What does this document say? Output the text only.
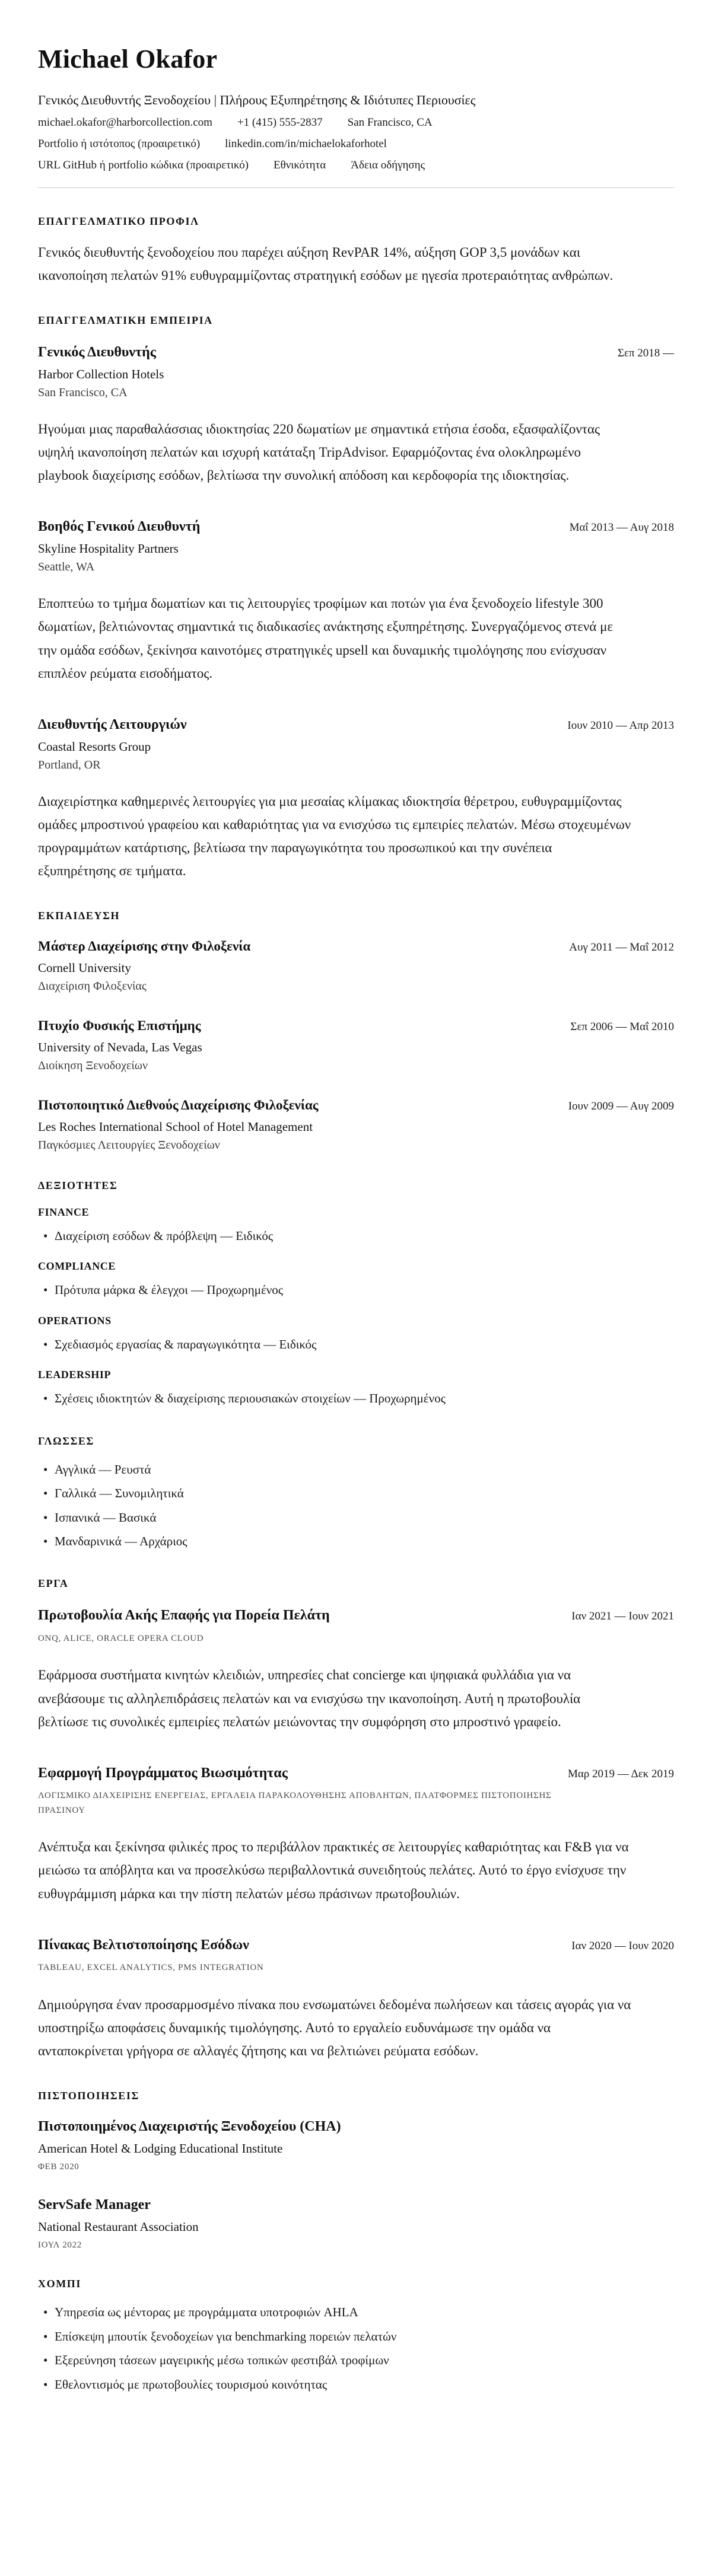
Michael Okafor
Γενικός Διευθυντής Ξενοδοχείου | Πλήρους Εξυπηρέτησης & Ιδιότυπες Περιουσίες
michael.okafor@harborcollection.com +1 (415) 555-2837 San Francisco, CA
Portfolio ή ιστότοπος (προαιρετικό) linkedin.com/in/michaelokaforhotel
URL GitHub ή portfolio κώδικα (προαιρετικό) Εθνικότητα Άδεια οδήγησης
ΕΠΑΓΓΕΛΜΑΤΙΚΟ ΠΡΟΦΙΛ

Γενικός διευθυντής ξενοδοχείου που παρέχει αύξηση RevPAR 14%, αύξηση GOP 3,5 μονάδων και ικανοποίηση πελατών 91% ευθυγραμμίζοντας στρατηγική εσόδων με ηγεσία προτεραιότητας ανθρώπων.

ΕΠΑΓΓΕΛΜΑΤΙΚΗ ΕΜΠΕΙΡΙΑ
Γενικός Διευθυντής	Σεπ 2018 —
Harbor Collection Hotels
San Francisco, CA

Ηγούμαι μιας παραθαλάσσιας ιδιοκτησίας 220 δωματίων με σημαντικά ετήσια έσοδα, εξασφαλίζοντας υψηλή ικανοποίηση πελατών και ισχυρή κατάταξη TripAdvisor. Εφαρμόζοντας ένα ολοκληρωμένο playbook διαχείρισης εσόδων, βελτίωσα την συνολική απόδοση και κερδοφορία της ιδιοκτησίας.

Βοηθός Γενικού Διευθυντή	Μαΐ 2013 — Αυγ 2018
Skyline Hospitality Partners
Seattle, WA

Εποπτεύω το τμήμα δωματίων και τις λειτουργίες τροφίμων και ποτών για ένα ξενοδοχείο lifestyle 300 δωματίων, βελτιώνοντας σημαντικά τις διαδικασίες ανάκτησης εξυπηρέτησης. Συνεργαζόμενος στενά με την ομάδα εσόδων, ξεκίνησα καινοτόμες στρατηγικές upsell και δυναμικής τιμολόγησης που ενίσχυσαν επιπλέον ρεύματα εισοδήματος.

Διευθυντής Λειτουργιών	Ιουν 2010 — Απρ 2013
Coastal Resorts Group
Portland, OR

Διαχειρίστηκα καθημερινές λειτουργίες για μια μεσαίας κλίμακας ιδιοκτησία θέρετρου, ευθυγραμμίζοντας ομάδες μπροστινού γραφείου και καθαριότητας για να ενισχύσω τις εμπειρίες πελατών. Μέσω στοχευμένων προγραμμάτων κατάρτισης, βελτίωσα την παραγωγικότητα του προσωπικού και την συνέπεια εξυπηρέτησης σε τμήματα.

ΕΚΠΑΙΔΕΥΣΗ
Μάστερ Διαχείρισης στην Φιλοξενία	Αυγ 2011 — Μαΐ 2012
Cornell University
Διαχείριση Φιλοξενίας
Πτυχίο Φυσικής Επιστήμης	Σεπ 2006 — Μαΐ 2010
University of Nevada, Las Vegas
Διοίκηση Ξενοδοχείων
Πιστοποιητικό Διεθνούς Διαχείρισης Φιλοξενίας	Ιουν 2009 — Αυγ 2009
Les Roches International School of Hotel Management
Παγκόσμιες Λειτουργίες Ξενοδοχείων
ΔΕΞΙΟΤΗΤΕΣ
FINANCE
• Διαχείριση εσόδων & πρόβλεψη — Ειδικός
COMPLIANCE
• Πρότυπα μάρκα & έλεγχοι — Προχωρημένος
OPERATIONS
• Σχεδιασμός εργασίας & παραγωγικότητα — Ειδικός
LEADERSHIP
• Σχέσεις ιδιοκτητών & διαχείρισης περιουσιακών στοιχείων — Προχωρημένος
ΓΛΩΣΣΕΣ
• Αγγλικά — Ρευστά
• Γαλλικά — Συνομιλητικά
• Ισπανικά — Βασικά
• Μανδαρινικά — Αρχάριος
ΕΡΓΑ
Πρωτοβουλία Ακής Επαφής για Πορεία Πελάτη	Ιαν 2021 — Ιουν 2021
ONQ, ALICE, ORACLE OPERA CLOUD

Εφάρμοσα συστήματα κινητών κλειδιών, υπηρεσίες chat concierge και ψηφιακά φυλλάδια για να ανεβάσουμε τις αλληλεπιδράσεις πελατών και να ενισχύσω την ικανοποίηση. Αυτή η πρωτοβουλία βελτίωσε τις συνολικές εμπειρίες πελατών μειώνοντας την συμφόρηση στο μπροστινό γραφείο.

Εφαρμογή Προγράμματος Βιωσιμότητας	Μαρ 2019 — Δεκ 2019
ΛΟΓΙΣΜΙΚΟ ΔΙΑΧΕΙΡΙΣΗΣ ΕΝΕΡΓΕΙΑΣ, ΕΡΓΑΛΕΙΑ ΠΑΡΑΚΟΛΟΥΘΗΣΗΣ ΑΠΟΒΛΗΤΩΝ, ΠΛΑΤΦΟΡΜΕΣ ΠΙΣΤΟΠΟΙΗΣΗΣ ΠΡΑΣΙΝΟΥ

Ανέπτυξα και ξεκίνησα φιλικές προς το περιβάλλον πρακτικές σε λειτουργίες καθαριότητας και F&B για να μειώσω τα απόβλητα και να προσελκύσω περιβαλλοντικά συνειδητούς πελάτες. Αυτό το έργο ενίσχυσε την ευθυγράμμιση μάρκα και την πίστη πελατών μέσω πράσινων πρωτοβουλιών.

Πίνακας Βελτιστοποίησης Εσόδων	Ιαν 2020 — Ιουν 2020
TABLEAU, EXCEL ANALYTICS, PMS INTEGRATION

Δημιούργησα έναν προσαρμοσμένο πίνακα που ενσωματώνει δεδομένα πωλήσεων και τάσεις αγοράς για να υποστηρίξω αποφάσεις δυναμικής τιμολόγησης. Αυτό το εργαλείο ευδυνάμωσε την ομάδα να ανταποκρίνεται γρήγορα σε αλλαγές ζήτησης και να βελτιώνει ρεύματα εσόδων.

ΠΙΣΤΟΠΟΙΗΣΕΙΣ
Πιστοποιημένος Διαχειριστής Ξενοδοχείου (CHA)
American Hotel & Lodging Educational Institute
ΦΕΒ 2020
ServSafe Manager
National Restaurant Association
ΙΟΥΛ 2022
ΧΟΜΠΙ
• Υπηρεσία ως μέντορας με προγράμματα υποτροφιών AHLA
• Επίσκεψη μπουτίκ ξενοδοχείων για benchmarking πορειών πελατών
• Εξερεύνηση τάσεων μαγειρικής μέσω τοπικών φεστιβάλ τροφίμων
• Εθελοντισμός με πρωτοβουλίες τουρισμού κοινότητας
